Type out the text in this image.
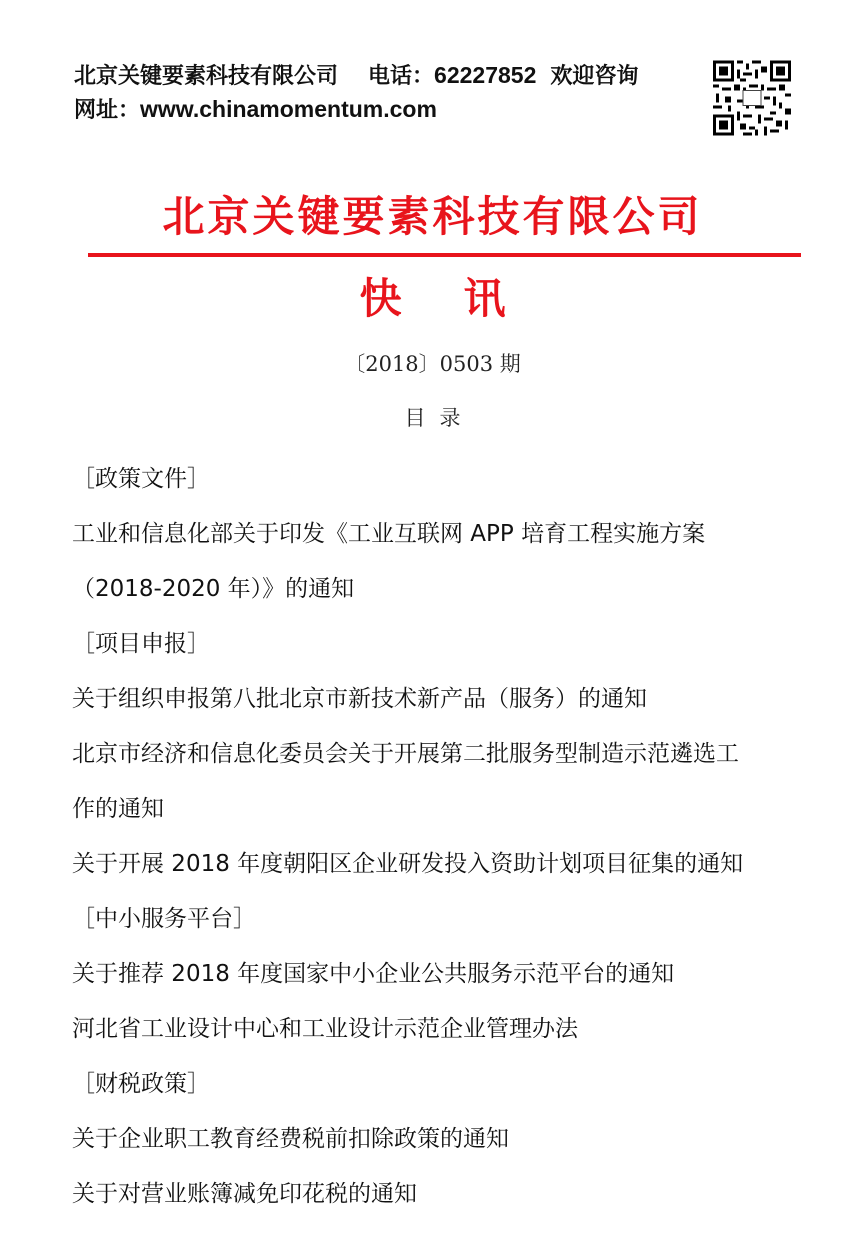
北京关键要素科技有限公司 电话：62227852 欢迎咨询
网址：www.chinamomentum.com
北京关键要素科技有限公司
快讯
〔2018〕0503 期
目录
［政策文件］
工业和信息化部关于印发《工业互联网 APP 培育工程实施方案
（2018-2020 年）》的通知
［项目申报］
关于组织申报第八批北京市新技术新产品（服务）的通知
北京市经济和信息化委员会关于开展第二批服务型制造示范遴选工
作的通知
关于开展 2018 年度朝阳区企业研发投入资助计划项目征集的通知
［中小服务平台］
关于推荐 2018 年度国家中小企业公共服务示范平台的通知
河北省工业设计中心和工业设计示范企业管理办法
［财税政策］
关于企业职工教育经费税前扣除政策的通知
关于对营业账簿减免印花税的通知
